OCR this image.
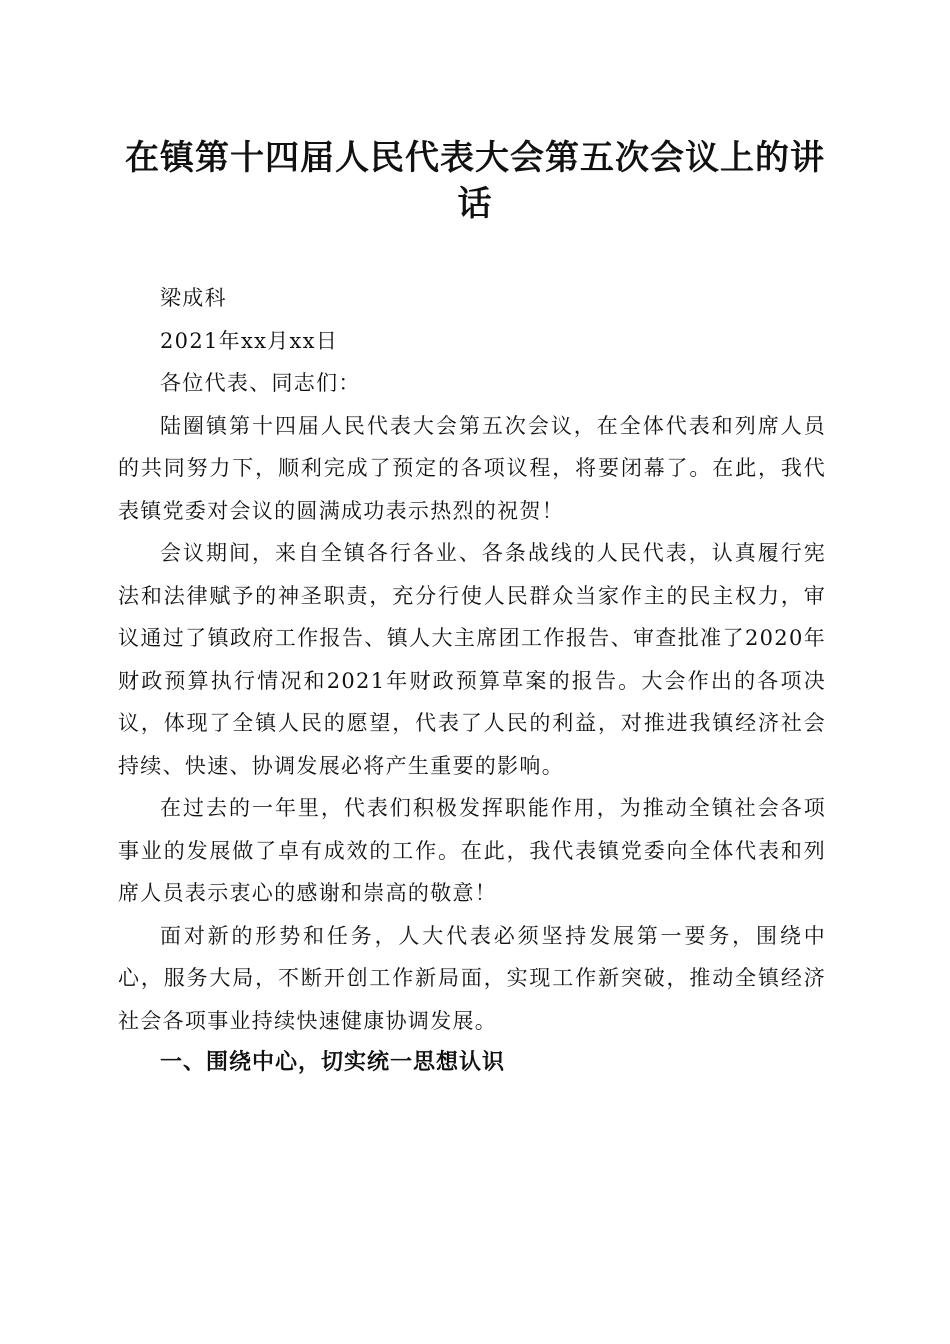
在镇第十四届人民代表大会第五次会议上的讲话

梁成科

2021年xx月xx日

各位代表、同志们：

陆圈镇第十四届人民代表大会第五次会议，在全体代表和列席人员的共同努力下，顺利完成了预定的各项议程，将要闭幕了。在此，我代表镇党委对会议的圆满成功表示热烈的祝贺！

会议期间，来自全镇各行各业、各条战线的人民代表，认真履行宪法和法律赋予的神圣职责，充分行使人民群众当家作主的民主权力，审议通过了镇政府工作报告、镇人大主席团工作报告、审查批准了2020年财政预算执行情况和2021年财政预算草案的报告。大会作出的各项决议，体现了全镇人民的愿望，代表了人民的利益，对推进我镇经济社会持续、快速、协调发展必将产生重要的影响。

在过去的一年里，代表们积极发挥职能作用，为推动全镇社会各项事业的发展做了卓有成效的工作。在此，我代表镇党委向全体代表和列席人员表示衷心的感谢和崇高的敬意！

面对新的形势和任务，人大代表必须坚持发展第一要务，围绕中心，服务大局，不断开创工作新局面，实现工作新突破，推动全镇经济社会各项事业持续快速健康协调发展。

一、围绕中心，切实统一思想认识
